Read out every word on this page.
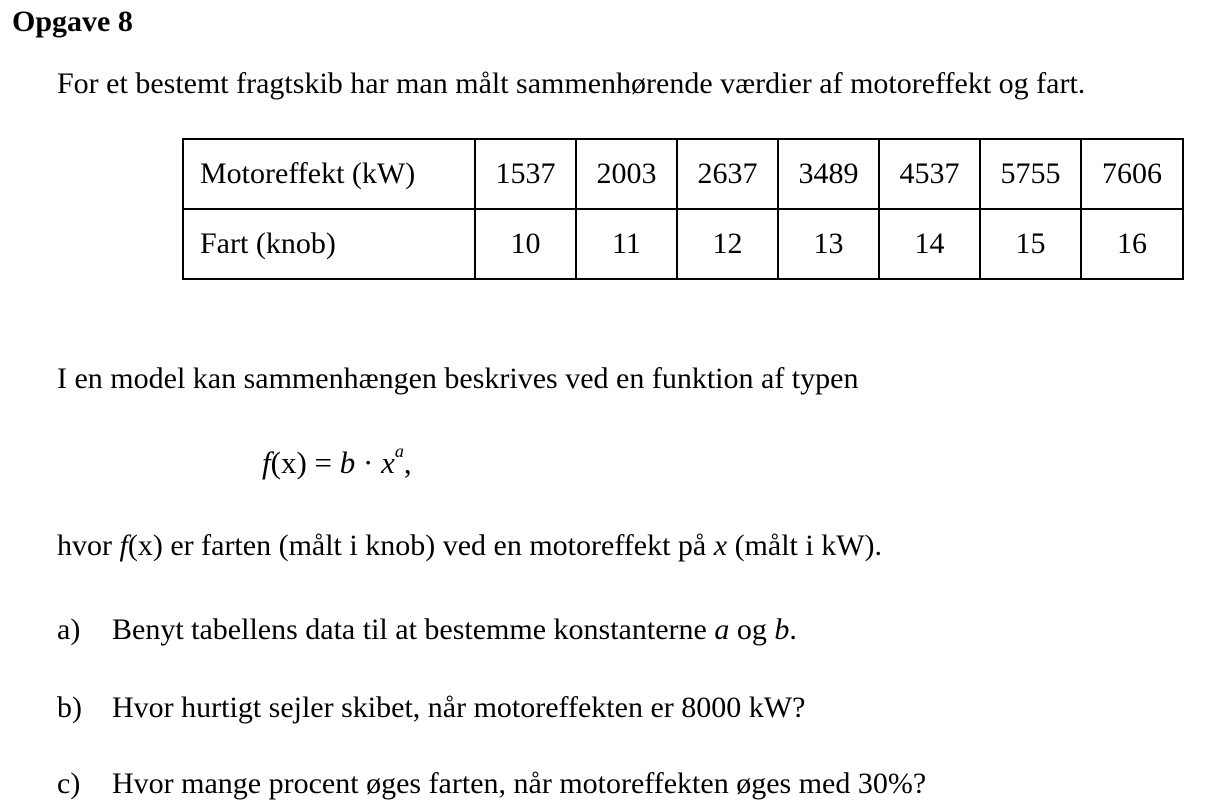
Opgave 8
For et bestemt fragtskib har man målt sammenhørende værdier af motoreffekt og fart.
Motoreffekt (kW)	1537	2003	2637	3489	4537	5755	7606
Fart (knob)	10	11	12	13	14	15	16
I en model kan sammenhængen beskrives ved en funktion af typen
$f(x) = b \cdot x^a$,
hvor f(x) er farten (målt i knob) ved en motoreffekt på x (målt i kW).
a) Benyt tabellens data til at bestemme konstanterne a og b.
b) Hvor hurtigt sejler skibet, når motoreffekten er 8000 kW?
c) Hvor mange procent øges farten, når motoreffekten øges med 30%?
